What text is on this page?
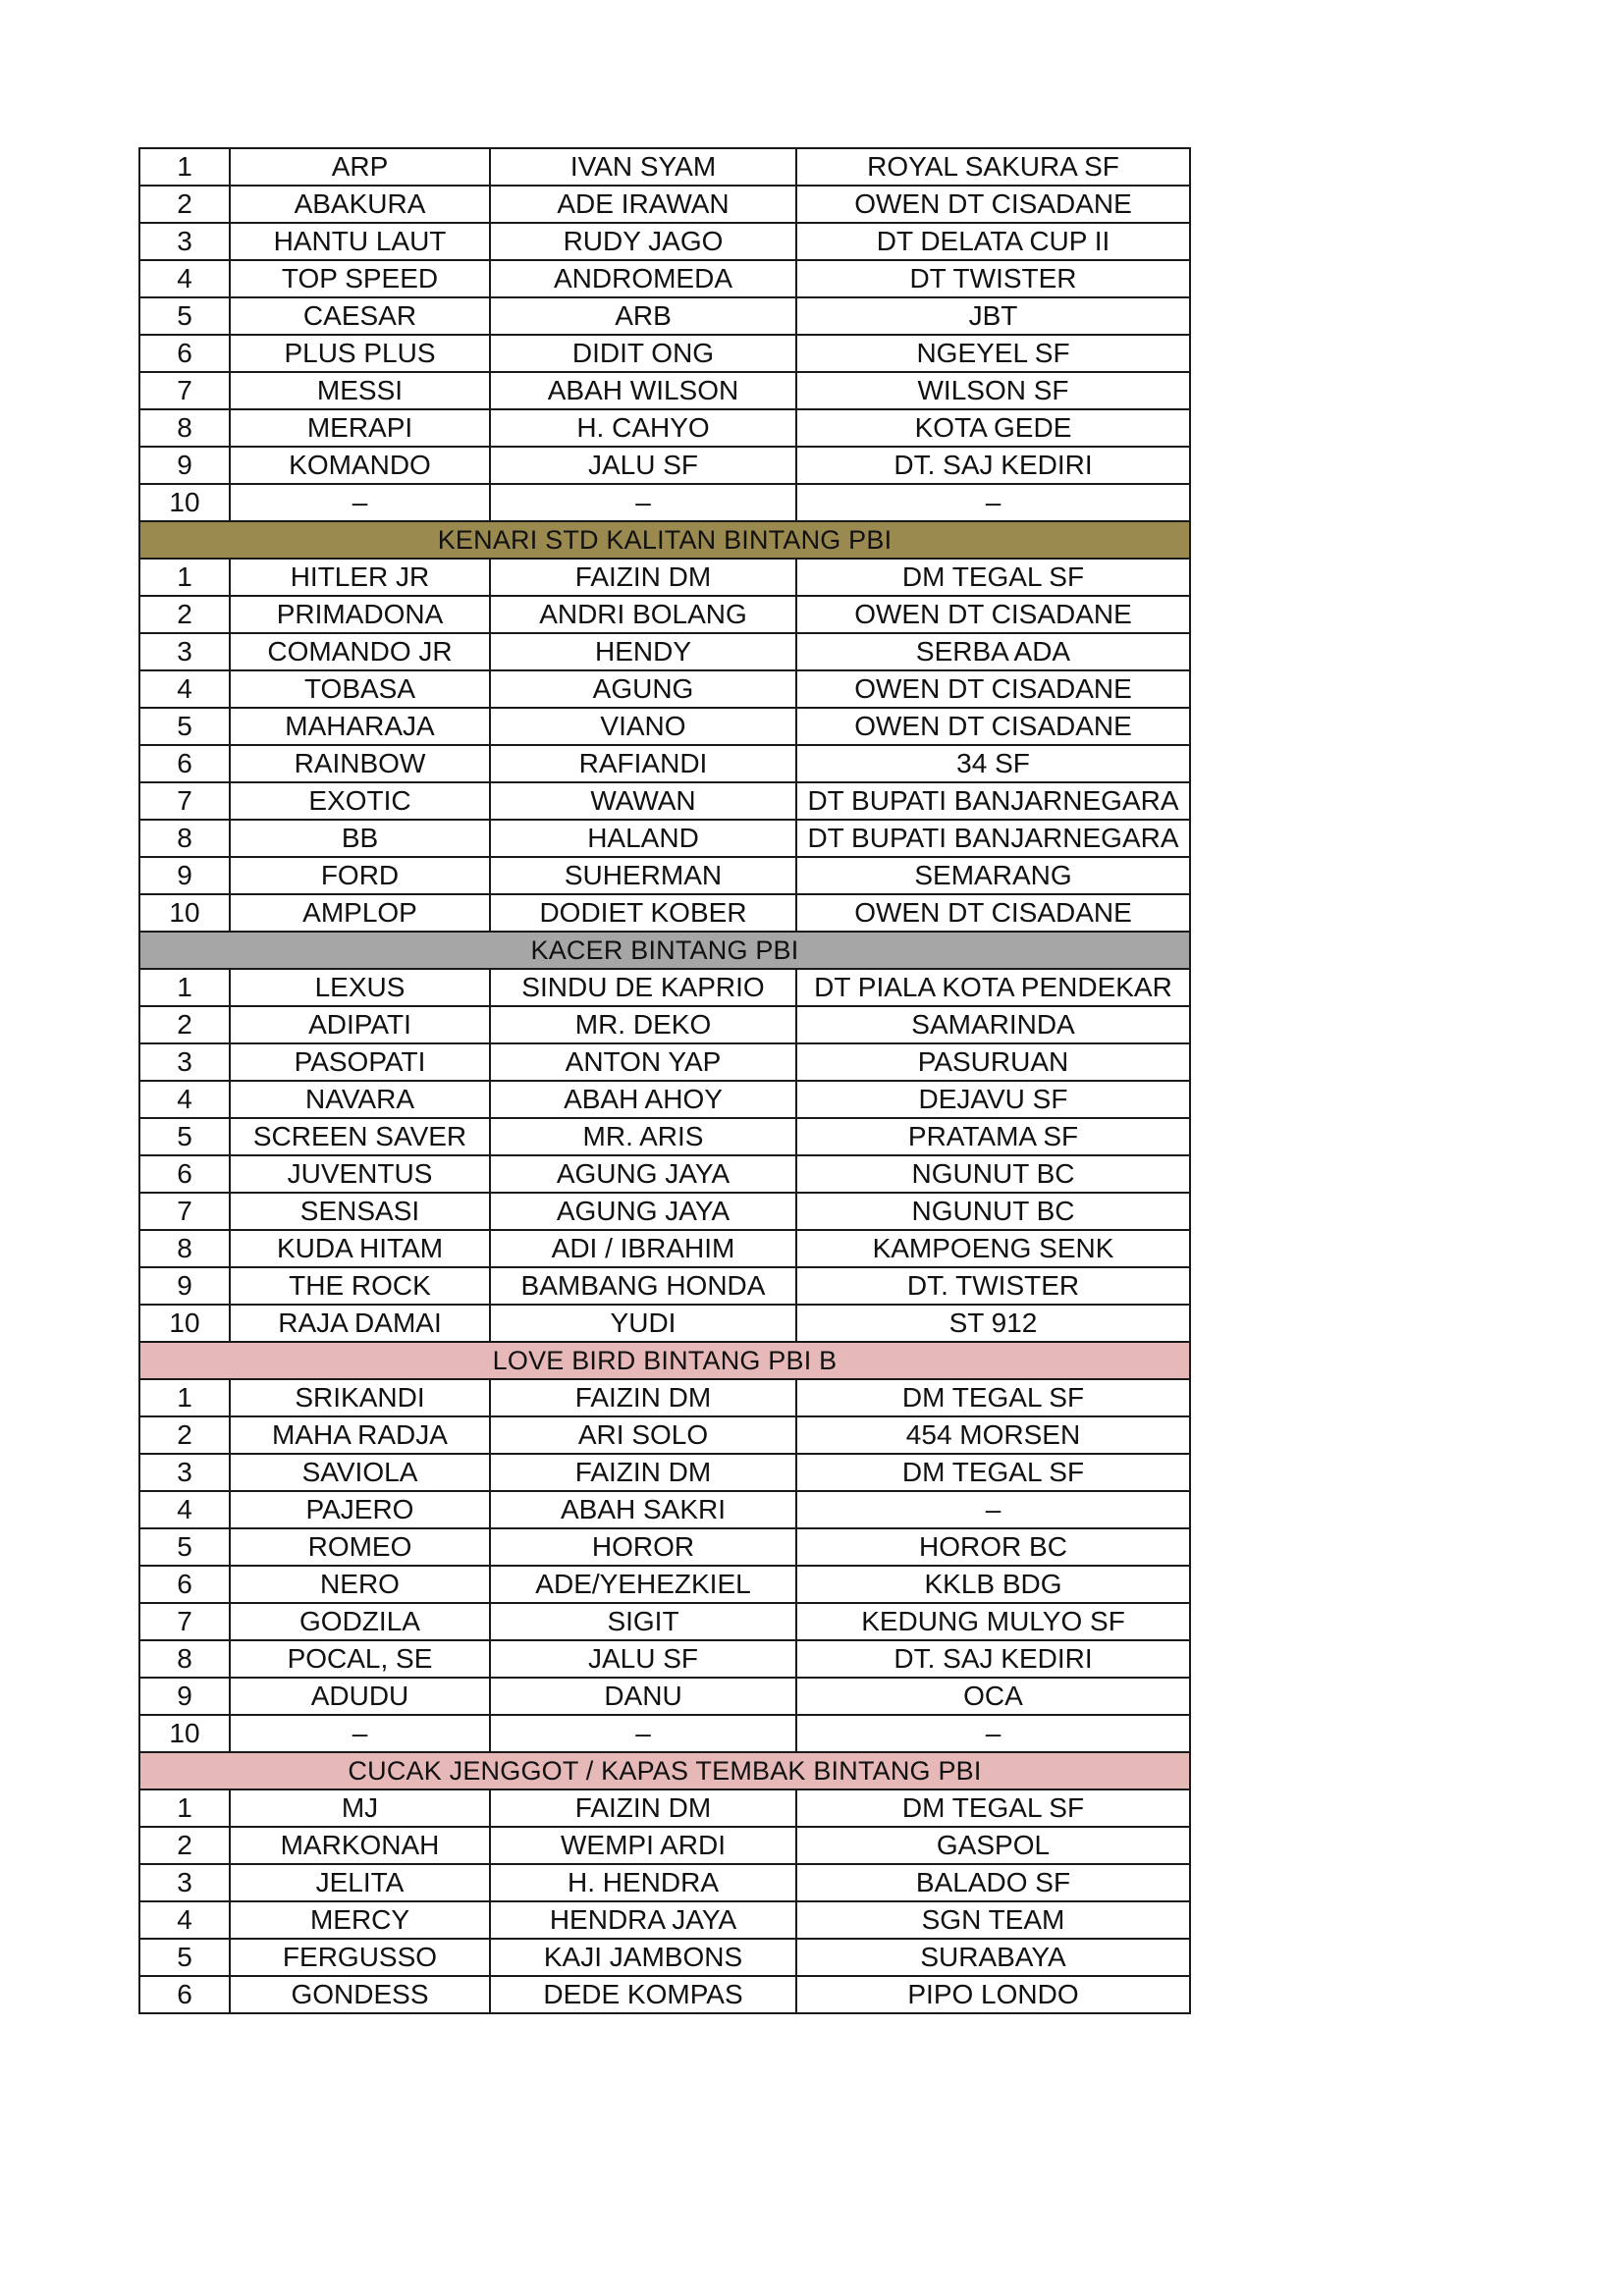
1	ARP	IVAN SYAM	ROYAL SAKURA SF
2	ABAKURA	ADE IRAWAN	OWEN DT CISADANE
3	HANTU LAUT	RUDY JAGO	DT DELATA CUP II
4	TOP SPEED	ANDROMEDA	DT TWISTER
5	CAESAR	ARB	JBT
6	PLUS PLUS	DIDIT ONG	NGEYEL SF
7	MESSI	ABAH WILSON	WILSON SF
8	MERAPI	H. CAHYO	KOTA GEDE
9	KOMANDO	JALU SF	DT. SAJ KEDIRI
10	–	–	–
KENARI STD KALITAN BINTANG PBI			
1	HITLER JR	FAIZIN DM	DM TEGAL SF
2	PRIMADONA	ANDRI BOLANG	OWEN DT CISADANE
3	COMANDO JR	HENDY	SERBA ADA
4	TOBASA	AGUNG	OWEN DT CISADANE
5	MAHARAJA	VIANO	OWEN DT CISADANE
6	RAINBOW	RAFIANDI	34 SF
7	EXOTIC	WAWAN	DT BUPATI BANJARNEGARA
8	BB	HALAND	DT BUPATI BANJARNEGARA
9	FORD	SUHERMAN	SEMARANG
10	AMPLOP	DODIET KOBER	OWEN DT CISADANE
KACER BINTANG PBI			
1	LEXUS	SINDU DE KAPRIO	DT PIALA KOTA PENDEKAR
2	ADIPATI	MR. DEKO	SAMARINDA
3	PASOPATI	ANTON YAP	PASURUAN
4	NAVARA	ABAH AHOY	DEJAVU SF
5	SCREEN SAVER	MR. ARIS	PRATAMA SF
6	JUVENTUS	AGUNG JAYA	NGUNUT BC
7	SENSASI	AGUNG JAYA	NGUNUT BC
8	KUDA HITAM	ADI / IBRAHIM	KAMPOENG SENK
9	THE ROCK	BAMBANG HONDA	DT. TWISTER
10	RAJA DAMAI	YUDI	ST 912
LOVE BIRD BINTANG PBI B			
1	SRIKANDI	FAIZIN DM	DM TEGAL SF
2	MAHA RADJA	ARI SOLO	454 MORSEN
3	SAVIOLA	FAIZIN DM	DM TEGAL SF
4	PAJERO	ABAH SAKRI	–
5	ROMEO	HOROR	HOROR BC
6	NERO	ADE/YEHEZKIEL	KKLB BDG
7	GODZILA	SIGIT	KEDUNG MULYO SF
8	POCAL, SE	JALU SF	DT. SAJ KEDIRI
9	ADUDU	DANU	OCA
10	–	–	–
CUCAK JENGGOT / KAPAS TEMBAK BINTANG PBI			
1	MJ	FAIZIN DM	DM TEGAL SF
2	MARKONAH	WEMPI ARDI	GASPOL
3	JELITA	H. HENDRA	BALADO SF
4	MERCY	HENDRA JAYA	SGN TEAM
5	FERGUSSO	KAJI JAMBONS	SURABAYA
6	GONDESS	DEDE KOMPAS	PIPO LONDO
